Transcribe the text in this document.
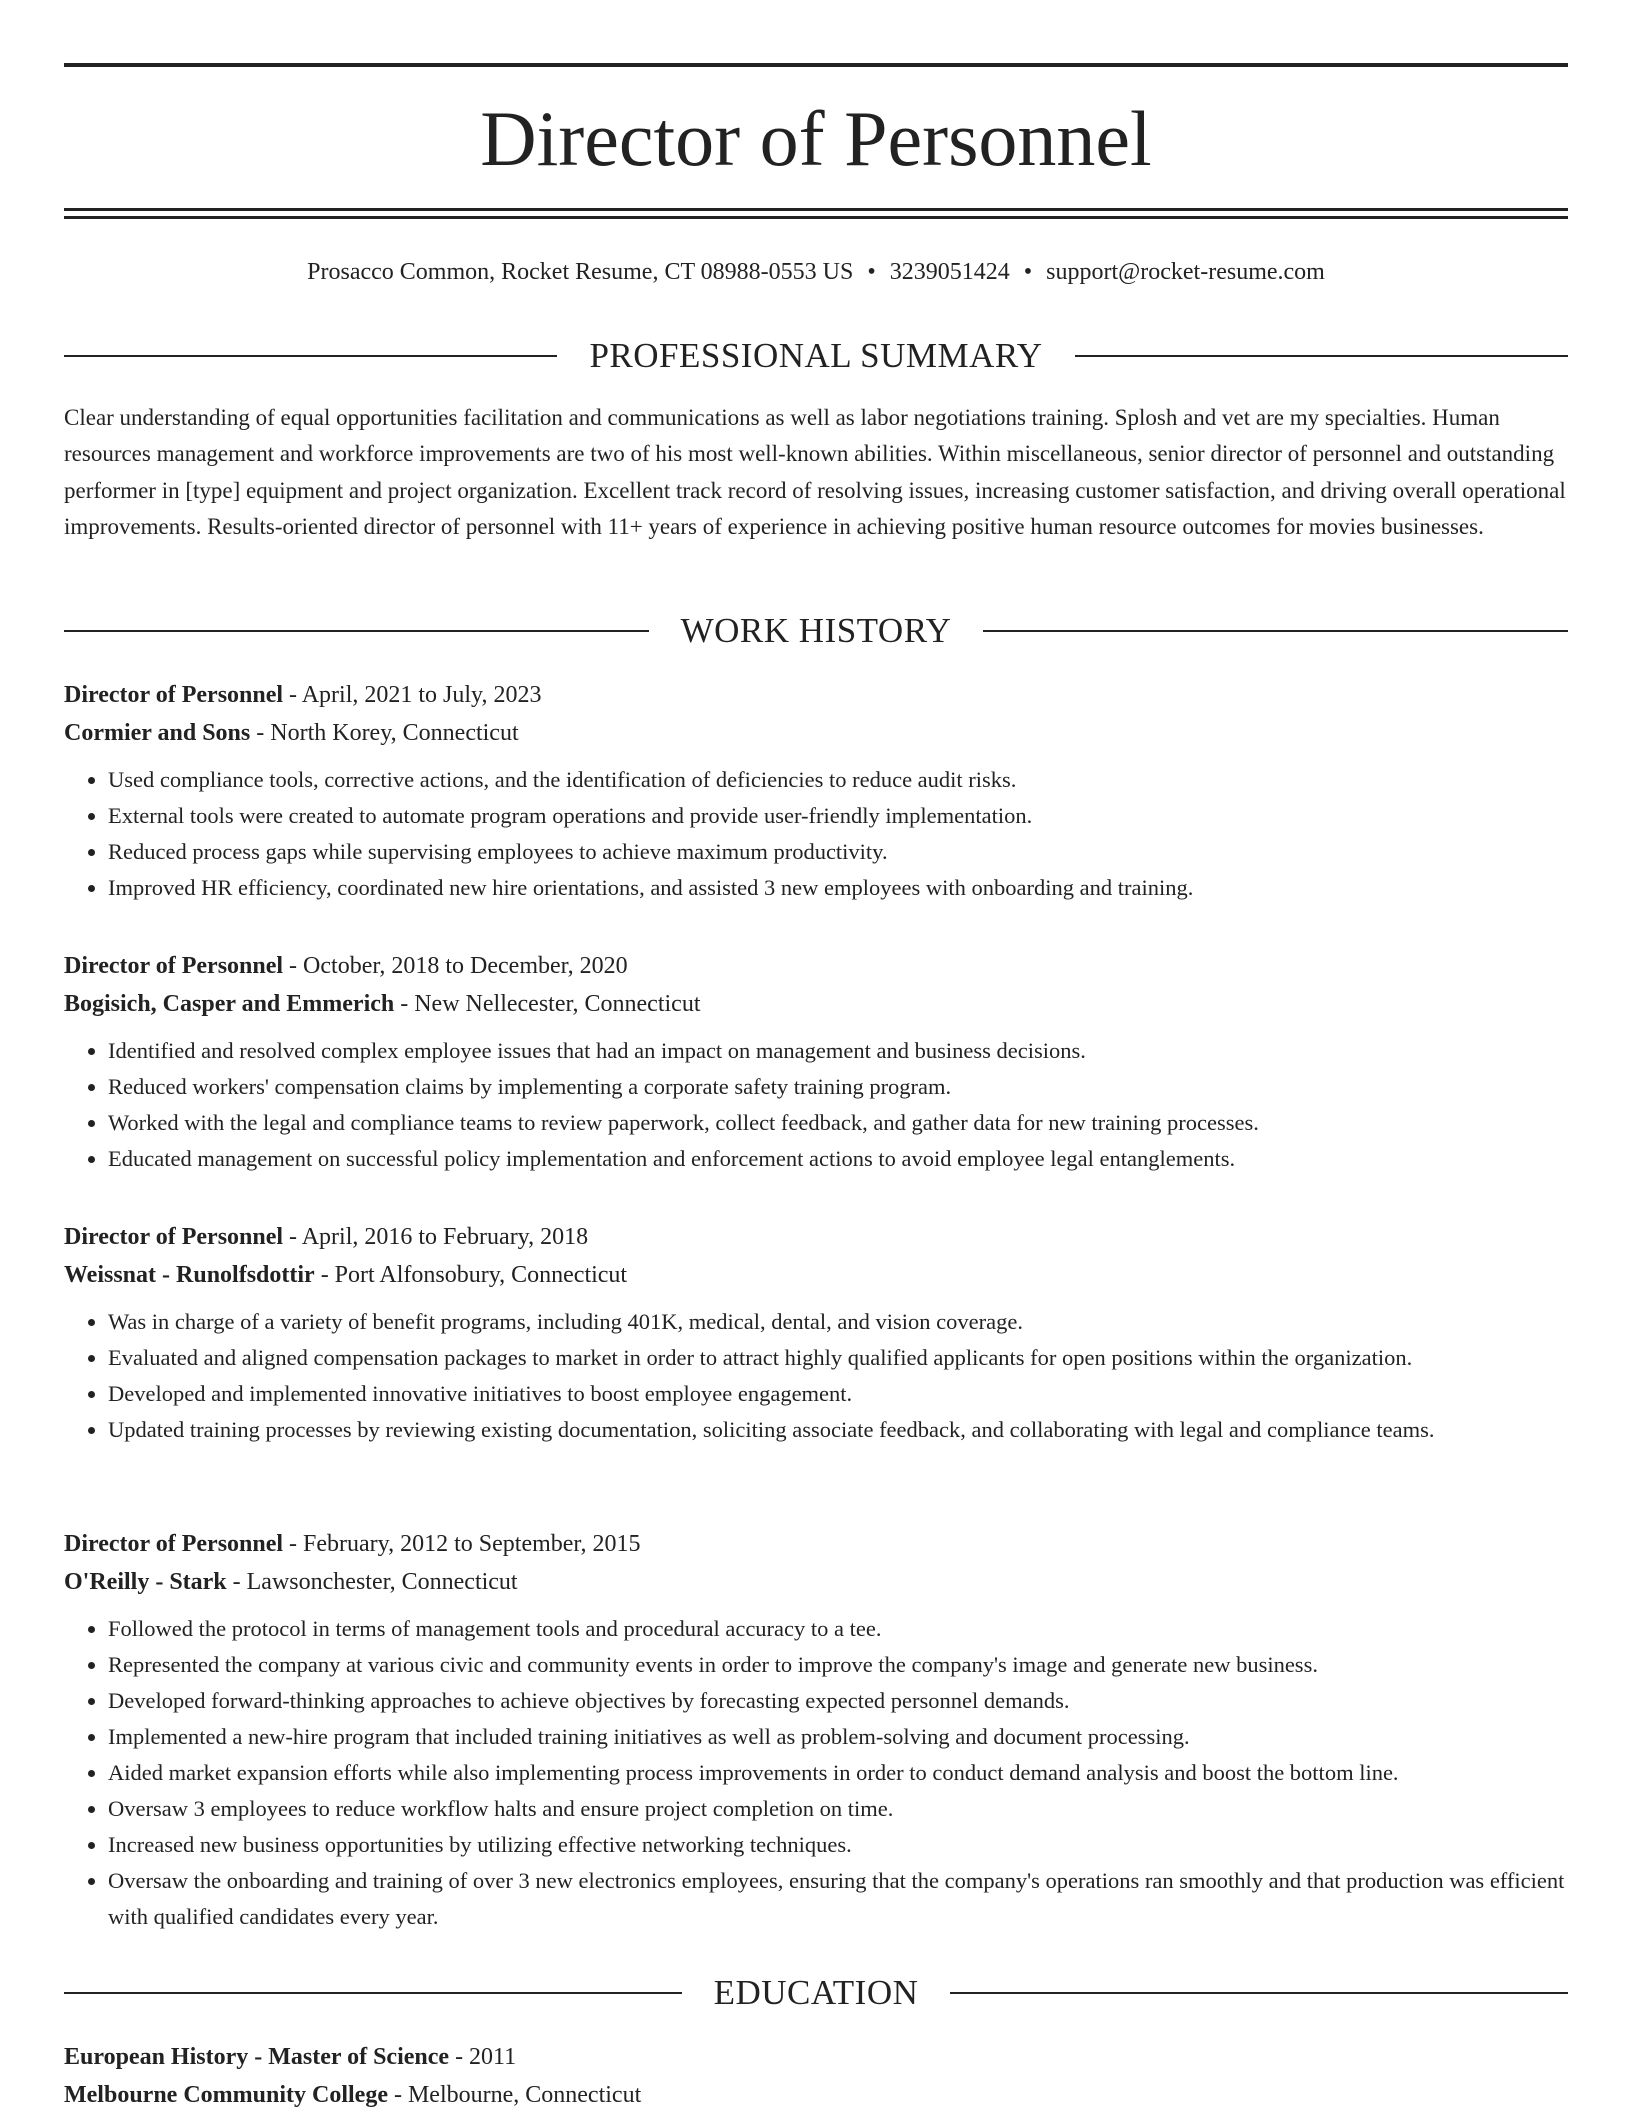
Director of Personnel
Prosacco Common, Rocket Resume, CT 08988-0553 US • 3239051424 • support@rocket-resume.com
PROFESSIONAL SUMMARY

Clear understanding of equal opportunities facilitation and communications as well as labor negotiations training. Splosh and vet are my specialties. Human resources management and workforce improvements are two of his most well-known abilities. Within miscellaneous, senior director of personnel and outstanding performer in [type] equipment and project organization. Excellent track record of resolving issues, increasing customer satisfaction, and driving overall operational improvements. Results-oriented director of personnel with 11+ years of experience in achieving positive human resource outcomes for movies businesses.

WORK HISTORY

Director of Personnel - April, 2021 to July, 2023

Cormier and Sons - North Korey, Connecticut

• Used compliance tools, corrective actions, and the identification of deficiencies to reduce audit risks.
• External tools were created to automate program operations and provide user-friendly implementation.
• Reduced process gaps while supervising employees to achieve maximum productivity.
• Improved HR efficiency, coordinated new hire orientations, and assisted 3 new employees with onboarding and training.

Director of Personnel - October, 2018 to December, 2020

Bogisich, Casper and Emmerich - New Nellecester, Connecticut

• Identified and resolved complex employee issues that had an impact on management and business decisions.
• Reduced workers' compensation claims by implementing a corporate safety training program.
• Worked with the legal and compliance teams to review paperwork, collect feedback, and gather data for new training processes.
• Educated management on successful policy implementation and enforcement actions to avoid employee legal entanglements.

Director of Personnel - April, 2016 to February, 2018

Weissnat - Runolfsdottir - Port Alfonsobury, Connecticut

• Was in charge of a variety of benefit programs, including 401K, medical, dental, and vision coverage.
• Evaluated and aligned compensation packages to market in order to attract highly qualified applicants for open positions within the organization.
• Developed and implemented innovative initiatives to boost employee engagement.
• Updated training processes by reviewing existing documentation, soliciting associate feedback, and collaborating with legal and compliance teams.

Director of Personnel - February, 2012 to September, 2015

O'Reilly - Stark - Lawsonchester, Connecticut

• Followed the protocol in terms of management tools and procedural accuracy to a tee.
• Represented the company at various civic and community events in order to improve the company's image and generate new business.
• Developed forward-thinking approaches to achieve objectives by forecasting expected personnel demands.
• Implemented a new-hire program that included training initiatives as well as problem-solving and document processing.
• Aided market expansion efforts while also implementing process improvements in order to conduct demand analysis and boost the bottom line.
• Oversaw 3 employees to reduce workflow halts and ensure project completion on time.
• Increased new business opportunities by utilizing effective networking techniques.
• Oversaw the onboarding and training of over 3 new electronics employees, ensuring that the company's operations ran smoothly and that production was efficient with qualified candidates every year.
EDUCATION

European History - Master of Science - 2011

Melbourne Community College - Melbourne, Connecticut
